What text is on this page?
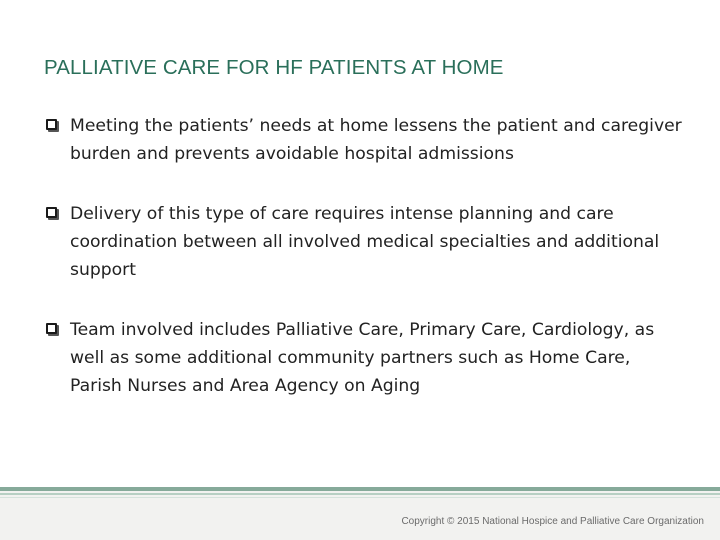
PALLIATIVE CARE FOR HF PATIENTS AT HOME
Meeting the patients’ needs at home lessens the patient and caregiver burden and prevents avoidable hospital admissions
Delivery of this type of care requires intense planning and care coordination between all involved medical specialties and additional support
Team involved includes Palliative Care, Primary Care, Cardiology, as well as some additional community partners such as Home Care, Parish Nurses and Area Agency on Aging
Copyright © 2015 National Hospice and Palliative Care Organization
